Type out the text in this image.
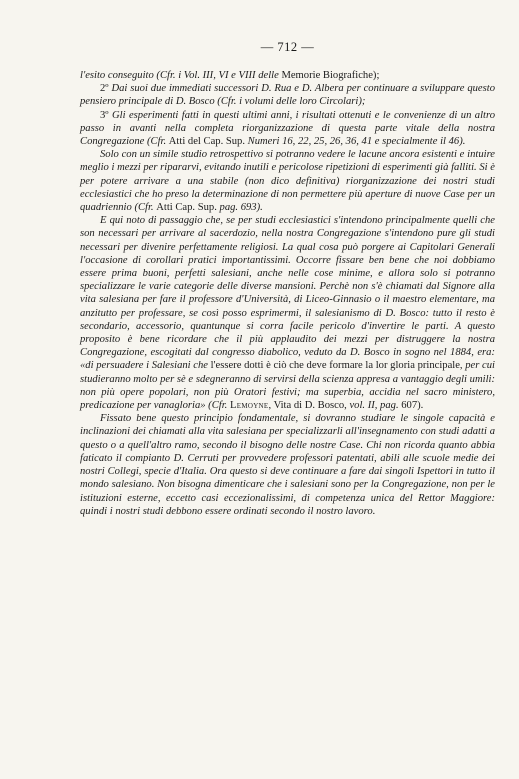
— 712 —

l'esito conseguito (Cfr. i Vol. III, VI e VIII delle Memorie Biografiche);

2º Dai suoi due immediati successori D. Rua e D. Albera per continuare a sviluppare questo pensiero principale di D. Bosco (Cfr. i volumi delle loro Circolari);

3º Gli esperimenti fatti in questi ultimi anni, i risultati ottenuti e le convenienze di un altro passo in avanti nella completa riorganizzazione di questa parte vitale della nostra Congregazione (Cfr. Atti del Cap. Sup. Numeri 16, 22, 25, 26, 36, 41 e specialmente il 46).

Solo con un simile studio retrospettivo si potranno vedere le lacune ancora esistenti e intuire meglio i mezzi per ripararvi, evitando inutili e pericolose ripetizioni di esperimenti già falliti. Si è per potere arrivare a una stabile (non dico definitiva) riorganizzazione dei nostri studi ecclesiastici che ho preso la determinazione di non permettere più aperture di nuove Case per un quadriennio (Cfr. Atti Cap. Sup. pag. 693).

E qui noto di passaggio che, se per studi ecclesiastici s'intendono principalmente quelli che son necessari per arrivare al sacerdozio, nella nostra Congregazione s'intendono pure gli studi necessari per divenire perfettamente religiosi. La qual cosa può porgere ai Capitolari Generali l'occasione di corollari pratici importantissimi. Occorre fissare ben bene che noi dobbiamo essere prima buoni, perfetti salesiani, anche nelle cose minime, e allora solo si potranno specializzare le varie categorie delle diverse mansioni. Perchè non s'è chiamati dal Signore alla vita salesiana per fare il professore d'Università, di Liceo-Ginnasio o il maestro elementare, ma anzitutto per professare, se così posso esprimermi, il salesianismo di D. Bosco: tutto il resto è secondario, accessorio, quantunque si corra facile pericolo d'invertire le parti. A questo proposito è bene ricordare che il più applaudito dei mezzi per distruggere la nostra Congregazione, escogitati dal congresso diabolico, veduto da D. Bosco in sogno nel 1884, era: «di persuadere i Salesiani che l'essere dotti è ciò che deve formare la lor gloria principale, per cui studieranno molto per sè e sdegneranno di servirsi della scienza appresa a vantaggio degli umili: non più opere popolari, non più Oratori festivi; ma superbia, accidia nel sacro ministero, predicazione per vanagloria» (Cfr. Lemoyne, Vita di D. Bosco, vol. II, pag. 607).

Fissato bene questo principio fondamentale, si dovranno studiare le singole capacità e inclinazioni dei chiamati alla vita salesiana per specializzarli all'insegnamento con studi adatti a questo o a quell'altro ramo, secondo il bisogno delle nostre Case. Chi non ricorda quanto abbia faticato il compianto D. Cerruti per provvedere professori patentati, abili alle scuole medie dei nostri Collegi, specie d'Italia. Ora questo si deve continuare a fare dai singoli Ispettori in tutto il mondo salesiano. Non bisogna dimenticare che i salesiani sono per la Congregazione, non per le istituzioni esterne, eccetto casi eccezionalissimi, di competenza unica del Rettor Maggiore: quindi i nostri studi debbono essere ordinati secondo il nostro lavoro.
